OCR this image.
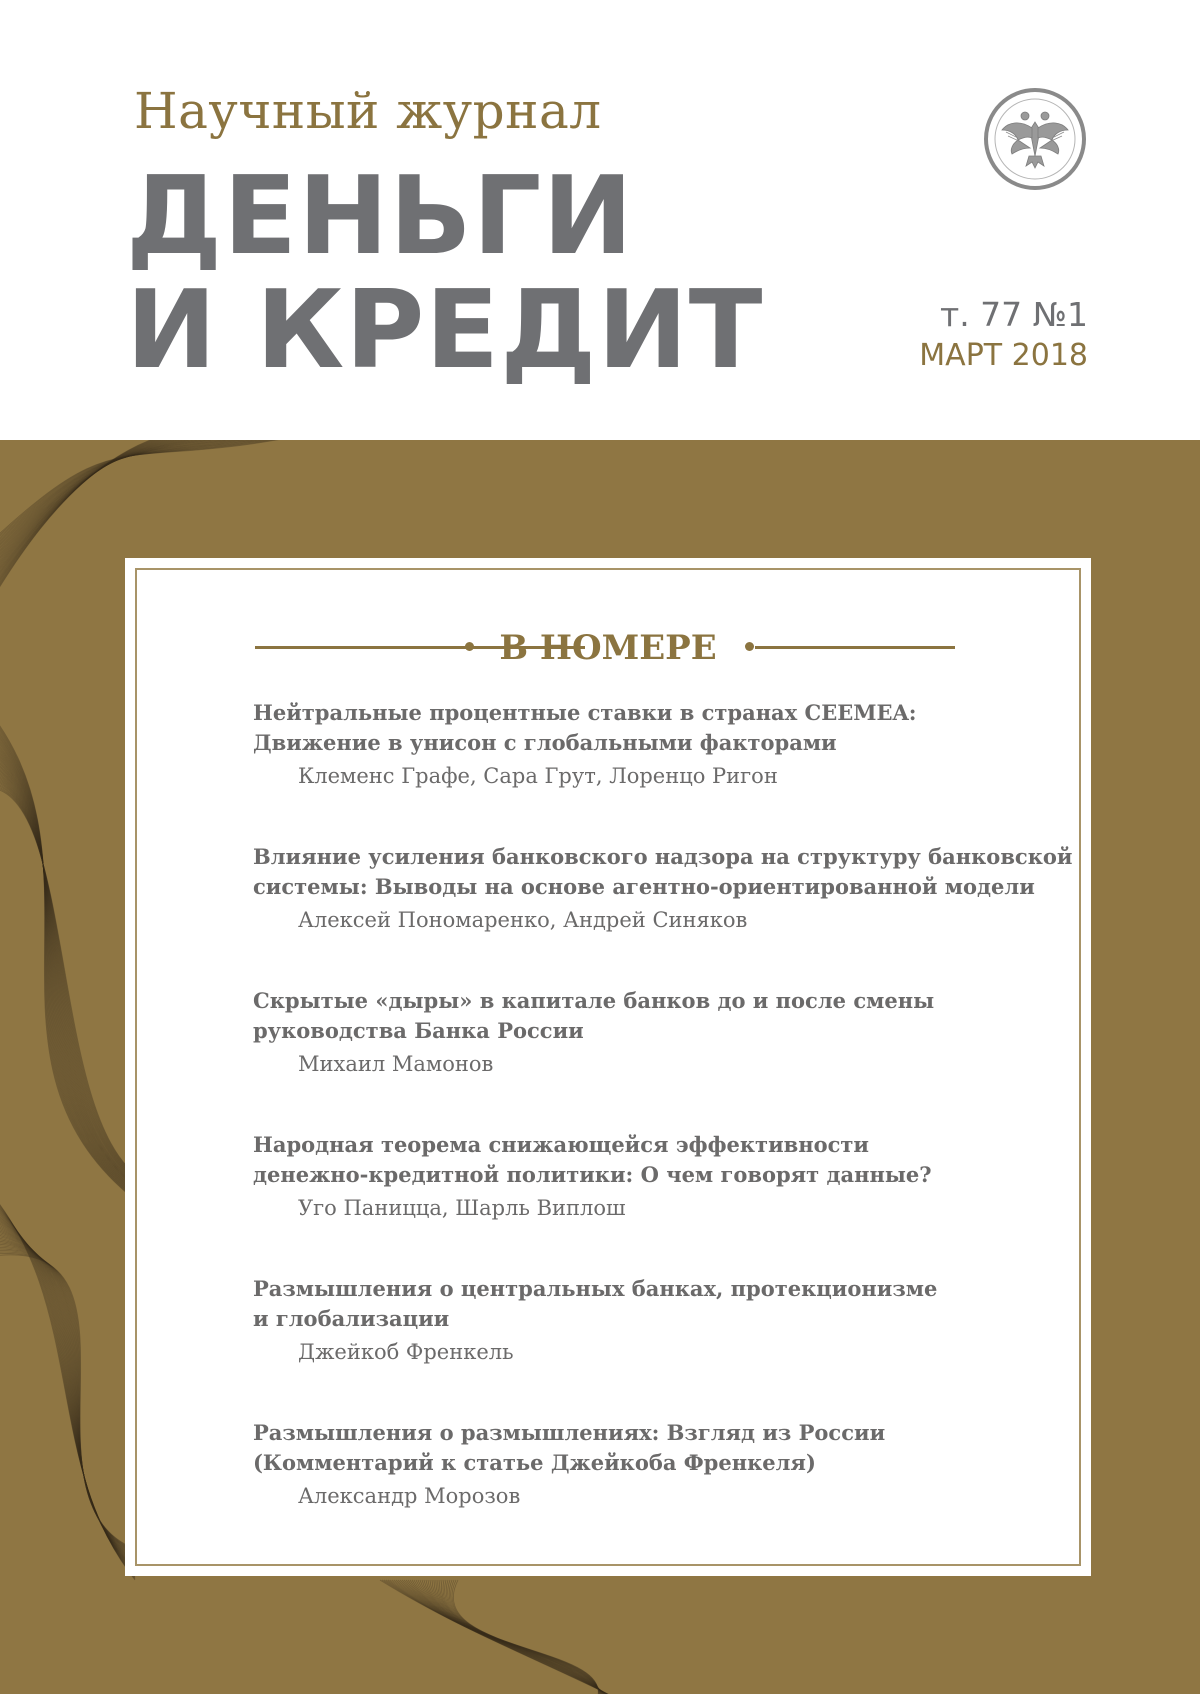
Научный журнал
ДЕНЬГИ
И КРЕДИТ	т. 77 №1
МАРТ 2018
В НОМЕРЕ
Нейтральные процентные ставки в странах CEEMEA:
Движение в унисон с глобальными факторами
Клеменс Графе, Сара Грут, Лоренцо Ригон
Влияние усиления банковского надзора на структуру банковской
системы: Выводы на основе агентно-ориентированной модели
Алексей Пономаренко, Андрей Синяков
Скрытые «дыры» в капитале банков до и после смены
руководства Банка России
Михаил Мамонов
Народная теорема снижающейся эффективности
денежно-кредитной политики: О чем говорят данные?
Уго Паницца, Шарль Виплош
Размышления о центральных банках, протекционизме
и глобализации
Джейкоб Френкель
Размышления о размышлениях: Взгляд из России
(Комментарий к статье Джейкоба Френкеля)
Александр Морозов
